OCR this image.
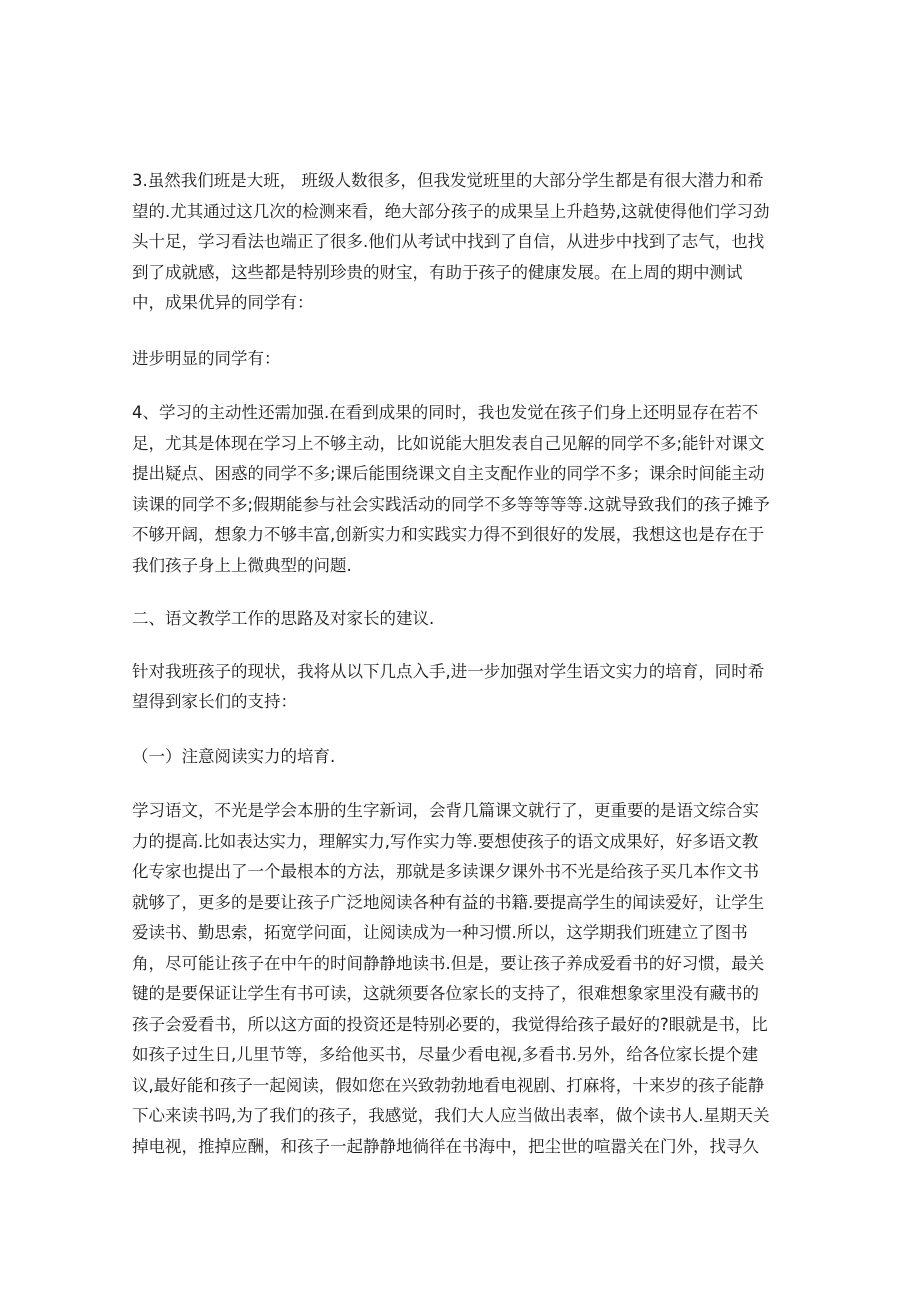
3.虽然我们班是大班， 班级人数很多，但我发觉班里的大部分学生都是有很大潜力和希
望的.尤其通过这几次的检测来看，绝大部分孩子的成果呈上升趋势,这就使得他们学习劲
头十足，学习看法也端正了很多.他们从考试中找到了自信，从进步中找到了志气，也找
到了成就感，这些都是特别珍贵的财宝，有助于孩子的健康发展。在上周的期中测试
中，成果优异的同学有：

进步明显的同学有：

4、学习的主动性还需加强.在看到成果的同时，我也发觉在孩子们身上还明显存在若不
足，尤其是体现在学习上不够主动，比如说能大胆发表自己见解的同学不多;能针对课文
提出疑点、困惑的同学不多;课后能围绕课文自主支配作业的同学不多；课余时间能主动
读课的同学不多;假期能参与社会实践活动的同学不多等等等等.这就导致我们的孩子摊予
不够开阔，想象力不够丰富,创新实力和实践实力得不到很好的发展，我想这也是存在于
我们孩子身上上微典型的问题.

二、语文教学工作的思路及对家长的建议.

针对我班孩子的现状，我将从以下几点入手,进一步加强对学生语文实力的培育，同时希
望得到家长们的支持：

（一）注意阅读实力的培育.

学习语文，不光是学会本册的生字新词，会背几篇课文就行了，更重要的是语文综合实
力的提高.比如表达实力，理解实力,写作实力等.要想使孩子的语文成果好，好多语文教
化专家也提出了一个最根本的方法，那就是多读课夕课外书不光是给孩子买几本作文书
就够了，更多的是要让孩子广泛地阅读各种有益的书籍.要提高学生的闻读爱好，让学生
爱读书、勤思索，拓宽学问面，让阅读成为一种习惯.所以，这学期我们班建立了图书
角，尽可能让孩子在中午的时间静静地读书.但是，要让孩子养成爱看书的好习惯，最关
键的是要保证让学生有书可读，这就须要各位家长的支持了，很难想象家里没有藏书的
孩子会爱看书，所以这方面的投资还是特别必要的，我觉得给孩子最好的?眼就是书，比
如孩子过生日,儿里节等，多给他买书，尽量少看电视,多看书.另外，给各位家长提个建
议,最好能和孩子一起阅读，假如您在兴致勃勃地看电视剧、打麻将，十来岁的孩子能静
下心来读书吗,为了我们的孩子，我感觉，我们大人应当做出表率，做个读书人.星期天关
掉电视，推掉应酬，和孩子一起静静地徜徉在书海中，把尘世的喧嚣关在门外，找寻久
